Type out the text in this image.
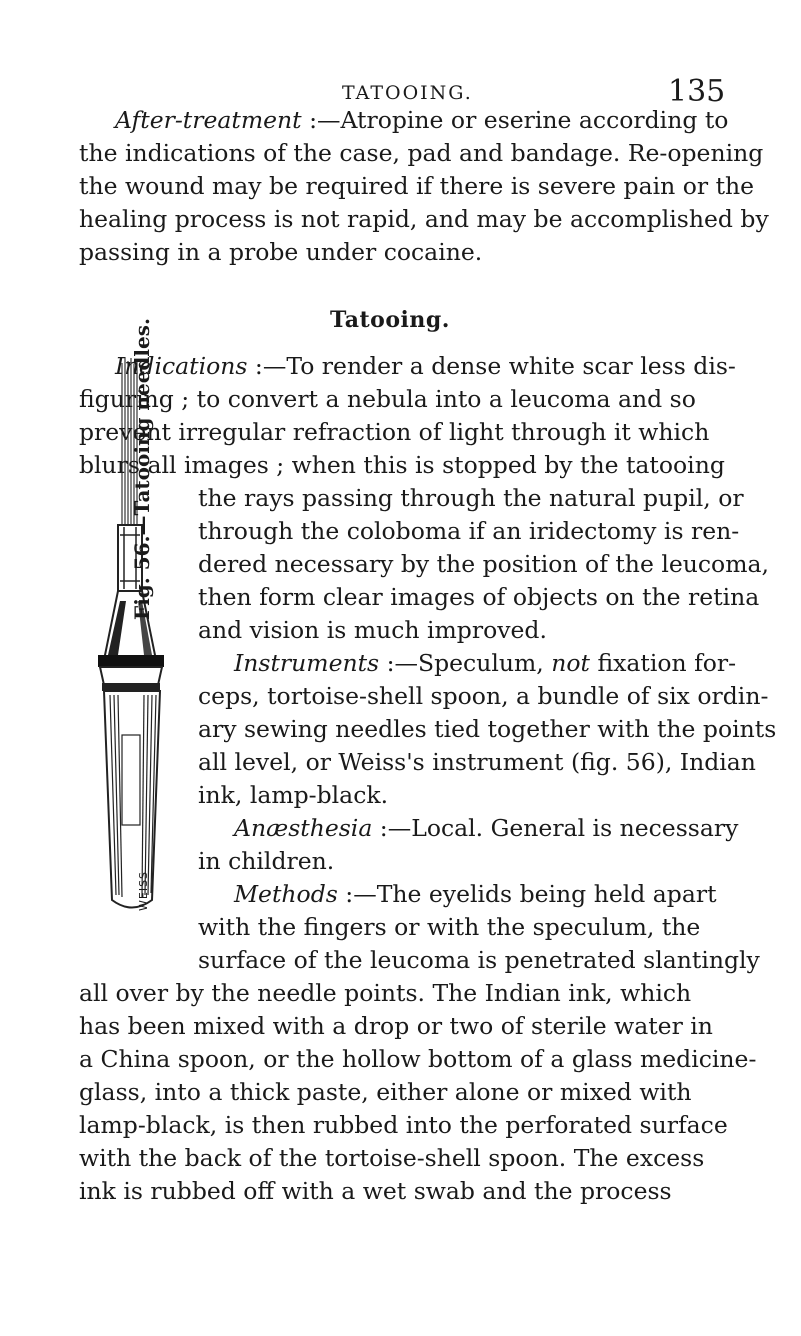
TATOOING.	135
After-treatment :—Atropine or eserine according to
the indications of the case, pad and bandage. Re-opening
the wound may be required if there is severe pain or the
healing process is not rapid, and may be accomplished by
passing in a probe under cocaine.
Tatooing.
Indications :—To render a dense white scar less dis-
figuring ; to convert a nebula into a leucoma and so
prevent irregular refraction of light through it which
blurs all images ; when this is stopped by the tatooing
the rays passing through the natural pupil, or
through the coloboma if an iridectomy is ren-
dered necessary by the position of the leucoma,
then form clear images of objects on the retina
and vision is much improved.
Instruments :—Speculum, not fixation for-
ceps, tortoise-shell spoon, a bundle of six ordin-
ary sewing needles tied together with the points
all level, or Weiss's instrument (fig. 56), Indian
ink, lamp-black.
Anæsthesia :—Local. General is necessary
in children.
Methods :—The eyelids being held apart
with the fingers or with the speculum, the
surface of the leucoma is penetrated slantingly
all over by the needle points. The Indian ink, which
has been mixed with a drop or two of sterile water in
a China spoon, or the hollow bottom of a glass medicine-
glass, into a thick paste, either alone or mixed with
lamp-black, is then rubbed into the perforated surface
with the back of the tortoise-shell spoon. The excess
ink is rubbed off with a wet swab and the process
WEISS
Fig. 56.—Tatooing needles.
